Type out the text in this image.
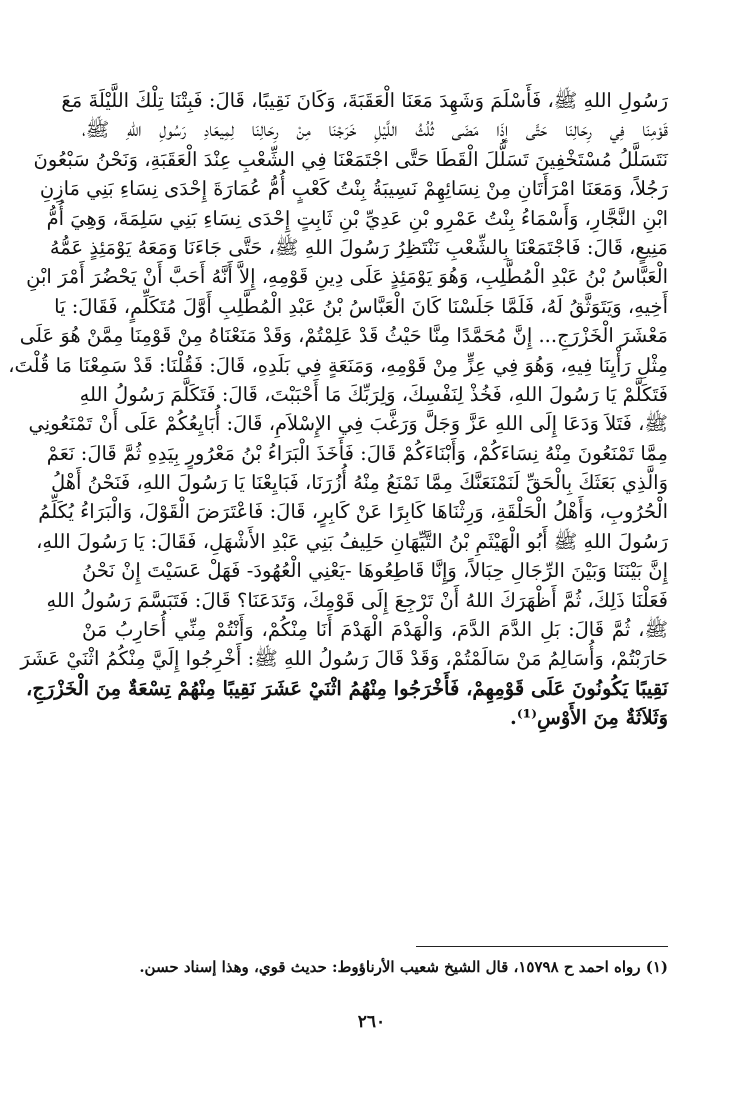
رَسُولِ اللهِ ﷺ، فَأَسْلَمَ وَشَهِدَ مَعَنَا الْعَقَبَةَ، وَكَانَ نَقِيبًا، قَالَ: فَبِتْنَا تِلْكَ اللَّيْلَةَ مَعَ
قَوْمِنَا فِي رِحَالِنَا حَتَّى إِذَا مَضَى ثُلُثُ اللَّيْلِ خَرَجْنَا مِنْ رِحَالِنَا لِمِيعَادِ رَسُولِ اللهِ ﷺ،
نَتَسَلَّلُ مُسْتَخْفِينَ تَسَلُّلَ الْقَطَا حَتَّى اجْتَمَعْنَا فِي الشِّعْبِ عِنْدَ الْعَقَبَةِ، وَنَحْنُ سَبْعُونَ
رَجُلاً، وَمَعَنَا امْرَأَتَانِ مِنْ نِسَائِهِمْ نَسِيبَةُ بِنْتُ كَعْبٍ أُمُّ عُمَارَةَ إِحْدَى نِسَاءِ بَنِي مَازِنِ
ابْنِ النَّجَّارِ، وَأَسْمَاءُ بِنْتُ عَمْرِو بْنِ عَدِيِّ بْنِ ثَابِتٍ إِحْدَى نِسَاءِ بَنِي سَلِمَةَ، وَهِيَ أُمُّ
مَنِيعٍ، قَالَ: فَاجْتَمَعْنَا بِالشِّعْبِ نَنْتَظِرُ رَسُولَ اللهِ ﷺ، حَتَّى جَاءَنَا وَمَعَهُ يَوْمَئِذٍ عَمُّهُ
الْعَبَّاسُ بْنُ عَبْدِ الْمُطَّلِبِ، وَهُوَ يَوْمَئِذٍ عَلَى دِينِ قَوْمِهِ، إِلاَّ أَنَّهُ أَحَبَّ أَنْ يَحْضُرَ أَمْرَ ابْنِ
أَخِيهِ، وَيَتَوَثَّقُ لَهُ، فَلَمَّا جَلَسْنَا كَانَ الْعَبَّاسُ بْنُ عَبْدِ الْمُطَّلِبِ أَوَّلَ مُتَكَلِّمٍ، فَقَالَ: يَا
مَعْشَرَ الْخَزْرَجِ... إِنَّ مُحَمَّدًا مِنَّا حَيْثُ قَدْ عَلِمْتُمْ، وَقَدْ مَنَعْنَاهُ مِنْ قَوْمِنَا مِمَّنْ هُوَ عَلَى
مِثْلِ رَأْيِنَا فِيهِ، وَهُوَ فِي عِزٍّ مِنْ قَوْمِهِ، وَمَنَعَةٍ فِي بَلَدِهِ، قَالَ: فَقُلْنَا: قَدْ سَمِعْنَا مَا قُلْتَ،
فَتَكَلَّمْ يَا رَسُولَ اللهِ، فَخُذْ لِنَفْسِكَ، وَلِرَبِّكَ مَا أَحْبَبْتَ، قَالَ: فَتَكَلَّمَ رَسُولُ اللهِ
ﷺ، فَتَلاَ وَدَعَا إِلَى اللهِ عَزَّ وَجَلَّ وَرَغَّبَ فِي الإِسْلاَمِ، قَالَ: أُبَايِعُكُمْ عَلَى أَنْ تَمْنَعُونِي
مِمَّا تَمْنَعُونَ مِنْهُ نِسَاءَكُمْ، وَأَبْنَاءَكُمْ قَالَ: فَأَخَذَ الْبَرَاءُ بْنُ مَعْرُورٍ بِيَدِهِ ثُمَّ قَالَ: نَعَمْ
وَالَّذِي بَعَثَكَ بِالْحَقِّ لَنَمْنَعَنَّكَ مِمَّا نَمْنَعُ مِنْهُ أُزُرَنَا، فَبَايِعْنَا يَا رَسُولَ اللهِ، فَنَحْنُ أَهْلُ
الْحُرُوبِ، وَأَهْلُ الْحَلْقَةِ، وَرِثْنَاهَا كَابِرًا عَنْ كَابِرٍ، قَالَ: فَاعْتَرَضَ الْقَوْلَ، وَالْبَرَاءُ يُكَلِّمُ
رَسُولَ اللهِ ﷺ أَبُو الْهَيْثَمِ بْنُ التَّيِّهَانِ حَلِيفُ بَنِي عَبْدِ الأَشْهَلِ، فَقَالَ: يَا رَسُولَ اللهِ،
إِنَّ بَيْنَنَا وَبَيْنَ الرِّجَالِ حِبَالاً، وَإِنَّا قَاطِعُوهَا -يَعْنِي الْعُهُودَ- فَهَلْ عَسَيْتَ إِنْ نَحْنُ
فَعَلْنَا ذَلِكَ، ثُمَّ أَظْهَرَكَ اللهُ أَنْ تَرْجِعَ إِلَى قَوْمِكَ، وَتَدَعَنَا؟ قَالَ: فَتَبَسَّمَ رَسُولُ اللهِ
ﷺ، ثُمَّ قَالَ: بَلِ الدَّمَ الدَّمَ، وَالْهَدْمَ الْهَدْمَ أَنَا مِنْكُمْ، وَأَنْتُمْ مِنِّي أُحَارِبُ مَنْ
حَارَبْتُمْ، وَأُسَالِمُ مَنْ سَالَمْتُمْ، وَقَدْ قَالَ رَسُولُ اللهِ ﷺ: أَخْرِجُوا إِلَيَّ مِنْكُمُ اثْنَيْ عَشَرَ
نَقِيبًا يَكُونُونَ عَلَى قَوْمِهِمْ، فَأَخْرَجُوا مِنْهُمُ اثْنَيْ عَشَرَ نَقِيبًا مِنْهُمْ تِسْعَةٌ مِنَ الْخَزْرَجِ،
وَثَلاَثَةٌ مِنَ الأَوْسِ⁽¹⁾.
(١) رواه احمد ح ١٥٧٩٨، قال الشيخ شعيب الأرناؤوط: حديث قوي، وهذا إسناد حسن.
٢٦٠
